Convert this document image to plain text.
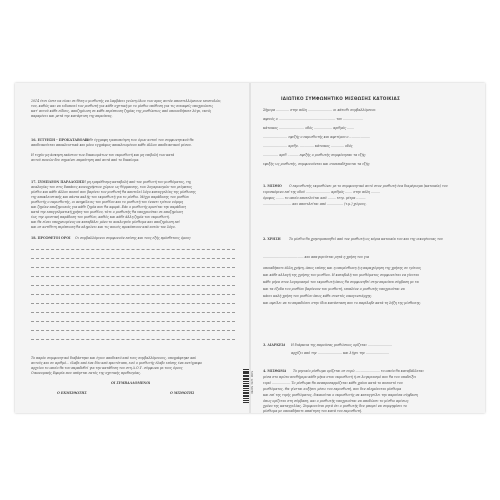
2014 έτσι ώστε να είναι σε θέση ο μισθωτής να λαμβάνει γνώση όλων των προς αυτόν αποστελλόμενων επιστολών,
του, καθώς και να ειδοποιεί τον μισθωτή για κάθε σχετική με το μίσθιο υπόθεση για τις συναφείς υποχρεώσεις
κατ' αυτού κάθε είδους, αποζημίωση σε κάθε περίπτωση ζημίας της μισθώσεως από οποιονδήποτε λόγο, εκτός
παραμένει και μετά την κατάρτιση της παρούσας.
16. ΕΓΓΥΗΣΗ - ΠΡΟΚΑΤΑΒΟΛΗ
Κάθε έγγραφη τροποποίηση των όρων αυτού του συμφωνητικού θα
αποδεικνύεται αποκλειστικά και μόνο εγγράφως αποκλειομένου κάθε άλλου αποδεικτικού μέσου.
Η τυχόν μη άσκηση εκάστου των δικαιωμάτων του εκμισθωτή και μη επιβολή των κατά
αυτού ποινών δεν σημαίνει παραίτηση από αυτά από το δικαίωμα.
17. ΣΥΜΠΛΕΟΝ ΠΑΡΑΔΟΣΗΣ Η μη εμπρόθεσμη καταβολή από τον μισθωτή του μισθώματος, της
αναλογίας του στις δαπάνες κοινοχρήστων χώρων ως θέρμανσης, των λογαριασμών του ρεύματος
μίσθιο και κάθε άλλου ποσού που βαρύνει τον μισθωτή θα αποτελεί λόγο καταγγελίας της μίσθωσης
της αποκλειστικής και πάντα καλής του εκμισθωτή για το μίσθιο. Μέχρι παράδοσης του μισθίου
μισθωτής ο εκμισθωτής, οι ανηφέλειες του μισθίου και το μισθωτή του έναντι τρίτων νόμιμη
και ζημίαν αποζημιωνός για κάθε ζημία που θα αφορά. Εάν ο μισθωτής αρνείται την παράδοση
κατά την επαγγελματική χρήση του μισθίου, τότε ο μισθωτής θα υποχρεούται σε αποζημίωση
έως την οριστική παράδοση του μισθίου, καθώς και κάθε άλλη ζημία του εκμισθωτή.
και θα είναι υποχρεωμένος να καταβάλει μόνο το αναλογούν μίσθωμα και αποζημίωση επί
και σε αντίθετη περίπτωση θα πληρώνει και τις ποινές προκύπτουν από αυτόν τον λόγο.
18. ΠΡΟΣΘΕΤΟΙ ΟΡΟΙ Οι συμβαλλόμενοι συμφωνούν επίσης και τους εξής πρόσθετους όρους:
Το παρόν συμφωνητικό διαβάστηκε και έγινε αποδεκτό από τους συμβαλλόμενους, υπογράφτηκε από
αυτούς και σε αριθμό... έλαβε από ένα δύο από πρωτότυπα, ενώ ο μισθωτής έλαβε επίσης ένα αντίγραφο
αρχείου το οποίο θα του παραδοθεί για την κατάθεση του στη Δ.Ο.Υ. σύμφωνα με τους όρους
Οικονομικής Εφορία που υπάγεται εκτός της σχετικής προθεσμίας.
ΟΙ ΣΥΜΒΑΛΛΟΜΕΝΟΙ
Ο ΕΚΜΙΣΘΩΤΗΣ	Ο ΜΙΣΘΩΤΗΣ	5200 1234 56789
ΙΔΙΩΤΙΚΟ ΣΥΜΦΩΝΗΤΙΚΟ ΜΙΣΘΩΣΗΣ ΚΑΤΟΙΚΙΑΣ
Σήμερα ............. στην πόλη ........................ οι κάτωθι συμβαλλόμενοι:
αφενός ο ........................................................ του ....................
κάτοικος ......................... οδός .................. αριθμός .......
........................ εφεξής ο εκμισθωτής και αφετέρου ο ....................
........................ αριθμ. .............. κάτοικος ............. οδός
............... αριθ. .......... εφεξής ο μισθωτής συμφώνησαν τα εξής:
εφεξής ως μισθωτής, συμφωνούνται και συναποδέχονται τα εξής:
1. ΜΙΣΘΙΟ Ο εκμισθωτής εκμισθώνει με το συμφωνητικό αυτό στον μισθωτή ένα διαμέρισμα (κατοικία) του
ευρισκόμενο επί της οδού ........................ αριθμός ....... στην πόλη .........
όροφος ........ το οποίο αποτελείται από ........ τετρ. μέτρα .........
............................ και αποτελείται από ................ (τ.μ.) χώρους.
2. ΧΡΗΣΗ	Το μίσθιο θα χρησιμοποιηθεί από τον μισθωτή ως κύρια κατοικία του και της οικογένειας του
........................................ και απαγορεύεται ρητά η χρήση του για
οποιαδήποτε άλλη χρήση, όπως επίσης και η υπομίσθωση ή η παραχώρηση της χρήσης σε τρίτους
και κάθε αλλαγή της χρήσης του μισθίου. Η καταβολή του μισθώματος συμφωνείται να γίνεται
κάθε μήνα στον λογαριασμό του εκμισθωτή όπως θα συμφωνηθεί στην παρούσα σύμβαση με τα
και τα έξοδα του μισθίου βαρύνουν τον μισθωτή, επιπλέον ο μισθωτής υποχρεούται να
κάνει καλή χρήση του μισθίου όπως κάθε συνετός οικογενειάρχης.
και οφείλει να το παραδώσει στην ίδια κατάσταση που το παρέλαβε κατά τη λήξη της μίσθωσης.
3. ΔΙΑΡΚΕΙΑ Η διάρκεια της παρούσας μισθώσεως ορίζεται ........................
αρχίζει από την ........................ και λήγει την .......................
4. ΜΙΣΘΩΜΑ Το μηνιαίο μίσθωμα ορίζεται σε ευρώ ........................ το οποίο θα καταβάλλεται
μέσα στο πρώτο πενθήμερο κάθε μήνα στον εκμισθωτή ή σε λογαριασμό που θα του υποδείξει
ευρώ .................. Το μίσθωμα θα αναπροσαρμόζεται κάθε χρόνο κατά το ποσοστό του
μισθώματος. Θα γίνεται αυξήσει μέσω του εκμισθωτή, που δεν πληρώνεται μίσθωμα
και επί της τιμής μισθώματος, δικαιούται ο εκμισθωτής να καταγγείλει την παρούσα σύμβαση
όπως ορίζεται στη σύμβαση, και ο μισθωτής υποχρεούται να αποδώσει το μίσθιο αμέσως.
χρόνο της καταγγελίας. Συμφωνείται ρητά ότι ο μισθωτής δεν μπορεί να συμψηφίσει το
μίσθωμα με οποιαδήποτε απαίτηση του κατά του εκμισθωτή.
